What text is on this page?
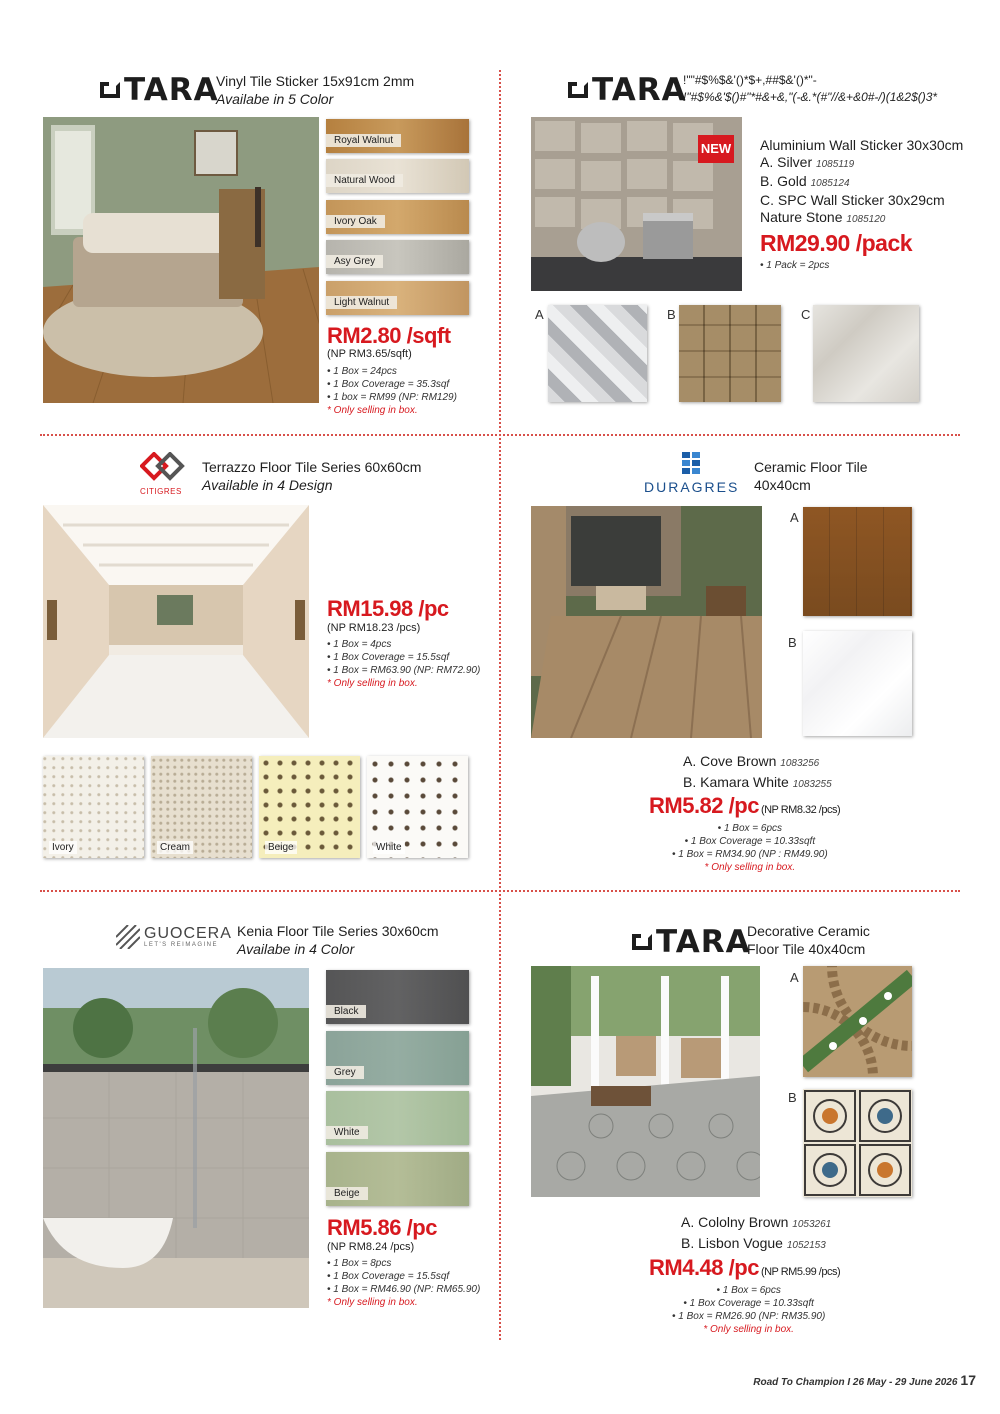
TARA
Vinyl Tile Sticker 15x91cm 2mm
Availabe in 5 Color
Royal Walnut
Natural Wood
Ivory Oak
Asy Grey
Light Walnut
RM2.80 /sqft
(NP RM3.65/sqft)
• 1 Box = 24pcs
• 1 Box Coverage = 35.3sqf
• 1 box = RM99 (NP: RM129)
* Only selling in box.
TARA
!""#$%$&'()*$+,##$&'()*"-
!"#$%&'$()#"*#&+&,"(-&.*(#"//&+&0#-/)(1&2$()3*
NEW Aluminium Wall Sticker 30x30cm
A. Silver 1085119
B. Gold 1085124
C. SPC Wall Sticker 30x29cm
Nature Stone 1085120
RM29.90 /pack
• 1 Pack = 2pcs
A	B	C
CITIGRES
Terrazzo Floor Tile Series 60x60cm
Available in 4 Design
RM15.98 /pc
(NP RM18.23 /pcs)
• 1 Box = 4pcs
• 1 Box Coverage = 15.5sqf
• 1 Box = RM63.90 (NP: RM72.90)
* Only selling in box.
Ivory	Cream	Beige	White
DURAGRES
Ceramic Floor Tile
40x40cm
A
B
A. Cove Brown 1083256
B. Kamara White 1083255
RM5.82 /pc (NP RM8.32 /pcs)
• 1 Box = 6pcs
• 1 Box Coverage = 10.33sqft
• 1 Box = RM34.90 (NP : RM49.90)
* Only selling in box.
GUOCERA
LET'S REIMAGINE
Kenia Floor Tile Series 30x60cm
Availabe in 4 Color
Black
Grey
White
Beige
RM5.86 /pc
(NP RM8.24 /pcs)
• 1 Box = 8pcs
• 1 Box Coverage = 15.5sqf
• 1 Box = RM46.90 (NP: RM65.90)
* Only selling in box.
TARA
Decorative Ceramic
Floor Tile 40x40cm
A
B
A. Cololny Brown 1053261
B. Lisbon Vogue 1052153
RM4.48 /pc (NP RM5.99 /pcs)
• 1 Box = 6pcs
• 1 Box Coverage = 10.33sqft
• 1 Box = RM26.90 (NP: RM35.90)
* Only selling in box.
Road To Champion I 26 May - 29 June 2026 17
